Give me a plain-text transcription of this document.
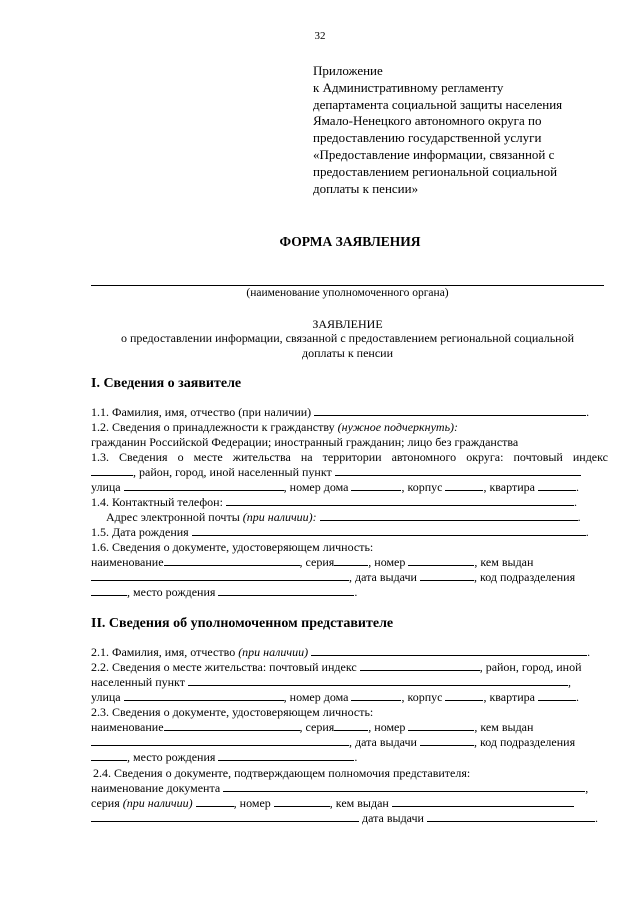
32
Приложение
к Административному регламенту
департамента социальной защиты населения
Ямало-Ненецкого автономного округа по
предоставлению государственной услуги
«Предоставление информации, связанной с
предоставлением региональной социальной
доплаты к пенсии»
ФОРМА ЗАЯВЛЕНИЯ
(наименование уполномоченного органа)
ЗАЯВЛЕНИЕ
о предоставлении информации, связанной с предоставлением региональной социальной
доплаты к пенсии
I. Сведения о заявителе
1.1. Фамилия, имя, отчество (при наличии)	.
1.2. Сведения о принадлежности к гражданству (нужное подчеркнуть):
гражданин Российской Федерации; иностранный гражданин; лицо без гражданства
1.3. Сведения о месте жительства на территории автономного округа: почтовый индекс
, район, город, иной населенный пункт
улица	, номер дома	, корпус	, квартира	.
1.4. Контактный телефон:	.
Адрес электронной почты (при наличии):	.
1.5. Дата рождения	.
1.6. Сведения о документе, удостоверяющем личность:
наименование	, серия	, номер	, кем выдан
, дата выдачи	, код подразделения
, место рождения	.
II. Сведения об уполномоченном представителе
2.1. Фамилия, имя, отчество (при наличии)	.
2.2. Сведения о месте жительства: почтовый индекс	, район, город, иной
населенный пункт	,
улица	, номер дома	, корпус	, квартира	.
2.3. Сведения о документе, удостоверяющем личность:
наименование	, серия	, номер	, кем выдан
, дата выдачи	, код подразделения
, место рождения	.
2.4. Сведения о документе, подтверждающем полномочия представителя:
наименование документа	,
серия (при наличии)	, номер	, кем выдан
дата выдачи	.
